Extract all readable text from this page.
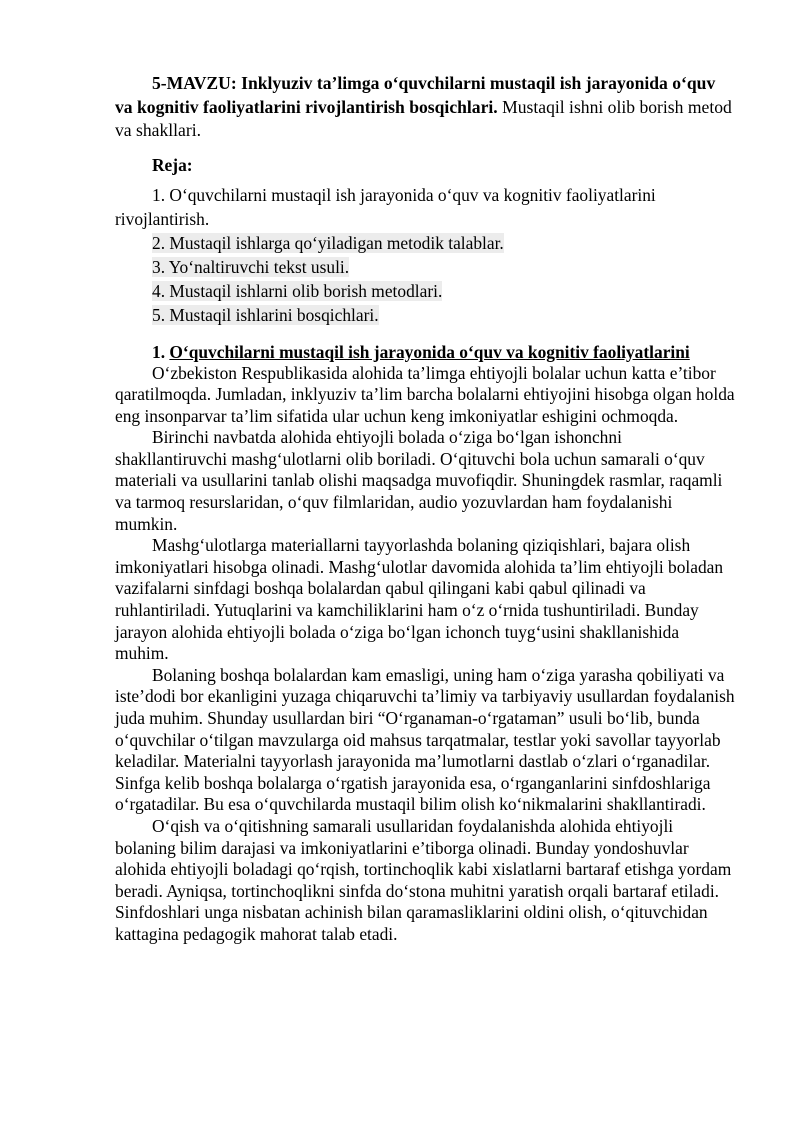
5-MAVZU: Inklyuziv ta’limga o‘quvchilarni mustaqil ish jarayonida o‘quv va kognitiv faoliyatlarini rivojlantirish bosqichlari. Mustaqil ishni olib borish metod va shakllari.

Reja:

1. O‘quvchilarni mustaqil ish jarayonida o‘quv va kognitiv faoliyatlarini rivojlantirish.
2. Mustaqil ishlarga qo‘yiladigan metodik talablar.
3. Yo‘naltiruvchi tekst usuli.
4. Mustaqil ishlarni olib borish metodlari.
5. Mustaqil ishlarini bosqichlari.

1. O‘quvchilarni mustaqil ish jarayonida o‘quv va kognitiv faoliyatlarini

O‘zbekiston Respublikasida alohida ta’limga ehtiyojli bolalar uchun katta e’tibor qaratilmoqda. Jumladan, inklyuziv ta’lim barcha bolalarni ehtiyojini hisobga olgan holda eng insonparvar ta’lim sifatida ular uchun keng imkoniyatlar eshigini ochmoqda.

Birinchi navbatda alohida ehtiyojli bolada o‘ziga bo‘lgan ishonchni shakllantiruvchi mashg‘ulotlarni olib boriladi. O‘qituvchi bola uchun samarali o‘quv materiali va usullarini tanlab olishi maqsadga muvofiqdir. Shuningdek rasmlar, raqamli va tarmoq resurslaridan, o‘quv filmlaridan, audio yozuvlardan ham foydalanishi mumkin.

Mashg‘ulotlarga materiallarni tayyorlashda bolaning qiziqishlari, bajara olish imkoniyatlari hisobga olinadi. Mashg‘ulotlar davomida alohida ta’lim ehtiyojli boladan vazifalarni sinfdagi boshqa bolalardan qabul qilingani kabi qabul qilinadi va ruhlantiriladi. Yutuqlarini va kamchiliklarini ham o‘z o‘rnida tushuntiriladi. Bunday jarayon alohida ehtiyojli bolada o‘ziga bo‘lgan ichonch tuyg‘usini shakllanishida muhim.

Bolaning boshqa bolalardan kam emasligi, uning ham o‘ziga yarasha qobiliyati va iste’dodi bor ekanligini yuzaga chiqaruvchi ta’limiy va tarbiyaviy usullardan foydalanish juda muhim. Shunday usullardan biri “O‘rganaman-o‘rgataman” usuli bo‘lib, bunda o‘quvchilar o‘tilgan mavzularga oid mahsus tarqatmalar, testlar yoki savollar tayyorlab keladilar. Materialni tayyorlash jarayonida ma’lumotlarni dastlab o‘zlari o‘rganadilar. Sinfga kelib boshqa bolalarga o‘rgatish jarayonida esa, o‘rganganlarini sinfdoshlariga o‘rgatadilar. Bu esa o‘quvchilarda mustaqil bilim olish ko‘nikmalarini shakllantiradi.

O‘qish va o‘qitishning samarali usullaridan foydalanishda alohida ehtiyojli bolaning bilim darajasi va imkoniyatlarini e’tiborga olinadi. Bunday yondoshuvlar alohida ehtiyojli boladagi qo‘rqish, tortinchoqlik kabi xislatlarni bartaraf etishga yordam beradi. Ayniqsa, tortinchoqlikni sinfda do‘stona muhitni yaratish orqali bartaraf etiladi. Sinfdoshlari unga nisbatan achinish bilan qaramasliklarini oldini olish, o‘qituvchidan kattagina pedagogik mahorat talab etadi.
